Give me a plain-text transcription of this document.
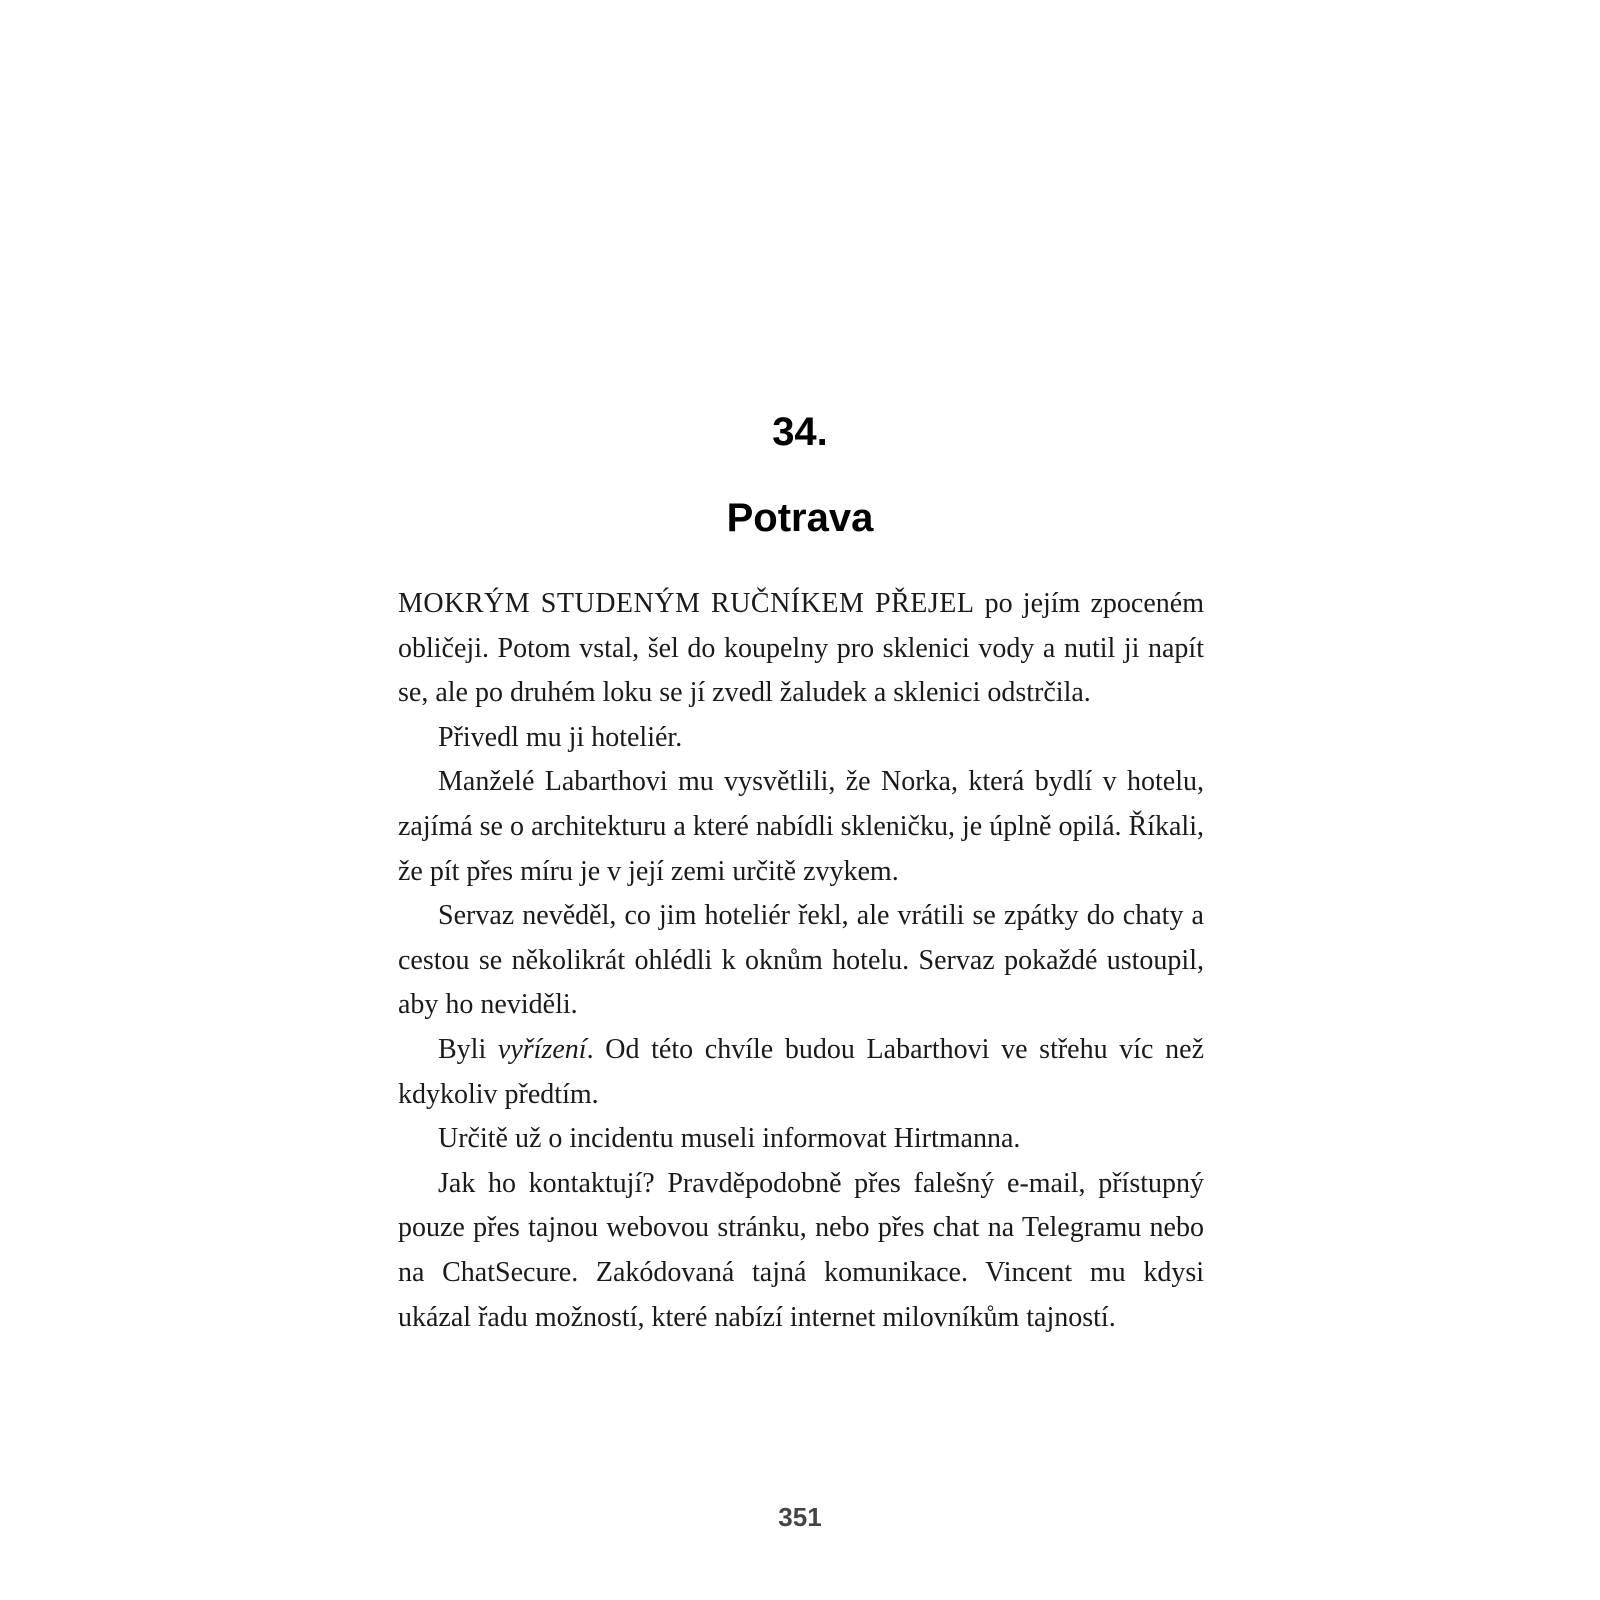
34.
Potrava

MOKRÝM STUDENÝM RUČNÍKEM PŘEJEL po jejím zpoceném obličeji. Potom vstal, šel do koupelny pro sklenici vody a nutil ji napít se, ale po druhém loku se jí zvedl žaludek a sklenici odstrčila.

Přivedl mu ji hoteliér.

Manželé Labarthovi mu vysvětlili, že Norka, která bydlí v hotelu, zajímá se o architekturu a které nabídli skleničku, je úplně opilá. Říkali, že pít přes míru je v její zemi určitě zvykem.

Servaz nevěděl, co jim hoteliér řekl, ale vrátili se zpátky do chaty a cestou se několikrát ohlédli k oknům hotelu. Servaz pokaždé ustoupil, aby ho neviděli.

Byli vyřízení. Od této chvíle budou Labarthovi ve střehu víc než kdykoliv předtím.

Určitě už o incidentu museli informovat Hirtmanna.

Jak ho kontaktují? Pravděpodobně přes falešný e-mail, přístupný pouze přes tajnou webovou stránku, nebo přes chat na Telegramu nebo na ChatSecure. Zakódovaná tajná komunikace. Vincent mu kdysi ukázal řadu možností, které nabízí internet milovníkům tajností.

351
